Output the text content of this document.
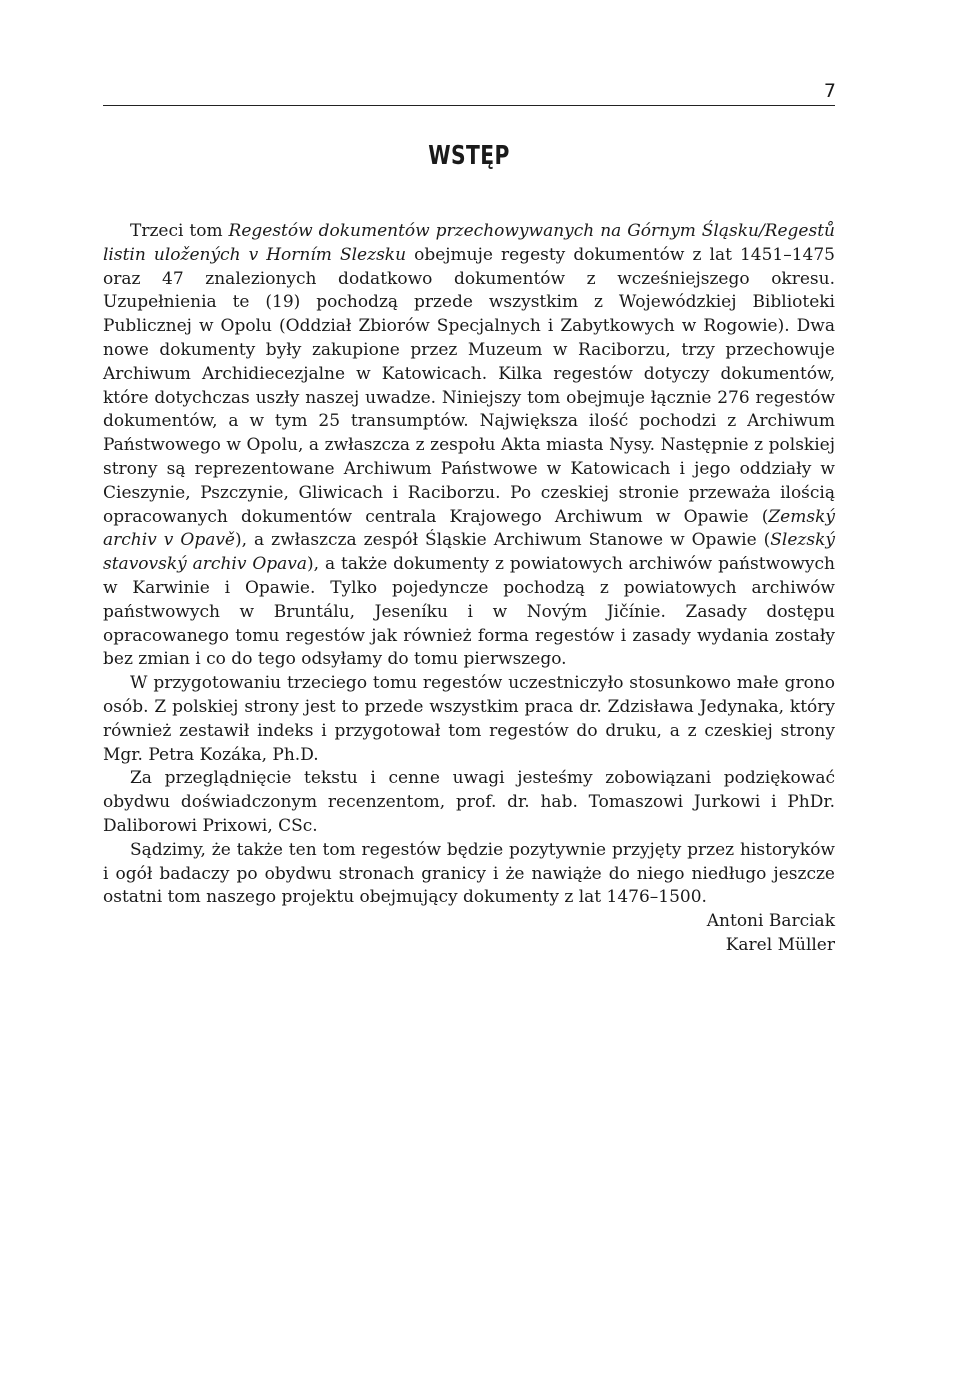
7
WSTĘP

Trzeci tom Regestów dokumentów przechowywanych na Górnym Śląsku/Regestů listin uložených v Horním Slezsku obejmuje regesty dokumentów z lat 1451–1475 oraz 47 znalezionych dodatkowo dokumentów z wcześniejszego okresu. Uzupełnienia te (19) pochodzą przede wszystkim z Wojewódzkiej Biblioteki Publicznej w Opolu (Oddział Zbiorów Specjalnych i Zabytkowych w Rogowie). Dwa nowe dokumenty były zakupione przez Muzeum w Raciborzu, trzy przechowuje Archiwum Archidiecezjalne w Katowicach. Kilka regestów dotyczy dokumentów, które dotychczas uszły naszej uwadze. Niniejszy tom obejmuje łącznie 276 regestów dokumentów, a w tym 25 transumptów. Największa ilość pochodzi z Archiwum Państwowego w Opolu, a zwłaszcza z zespołu Akta miasta Nysy. Następnie z polskiej strony są reprezentowane Archiwum Państwowe w Katowicach i jego oddziały w Cieszynie, Pszczynie, Gliwicach i Raciborzu. Po czeskiej stronie przeważa ilością opracowanych dokumentów centrala Krajowego Archiwum w Opawie (Zemský archiv v Opavě), a zwłaszcza zespół Śląskie Archiwum Stanowe w Opawie (Slezský stavovský archiv Opava), a także dokumenty z powiatowych archiwów państwowych w Karwinie i Opawie. Tylko pojedyncze pochodzą z powiatowych archiwów państwowych w Bruntálu, Jeseníku i w Novým Jičínie. Zasady dostępu opracowanego tomu regestów jak również forma regestów i zasady wydania zostały bez zmian i co do tego odsyłamy do tomu pierwszego.

W przygotowaniu trzeciego tomu regestów uczestniczyło stosunkowo małe grono osób. Z polskiej strony jest to przede wszystkim praca dr. Zdzisława Jedynaka, który również zestawił indeks i przygotował tom regestów do druku, a z czeskiej strony Mgr. Petra Kozáka, Ph.D.

Za przeglądnięcie tekstu i cenne uwagi jesteśmy zobowiązani podziękować obydwu doświadczonym recenzentom, prof. dr. hab. Tomaszowi Jurkowi i PhDr. Daliborowi Prixowi, CSc.

Sądzimy, że także ten tom regestów będzie pozytywnie przyjęty przez historyków i ogół badaczy po obydwu stronach granicy i że nawiąże do niego niedługo jeszcze ostatni tom naszego projektu obejmujący dokumenty z lat 1476–1500.

Antoni Barciak
Karel Müller
